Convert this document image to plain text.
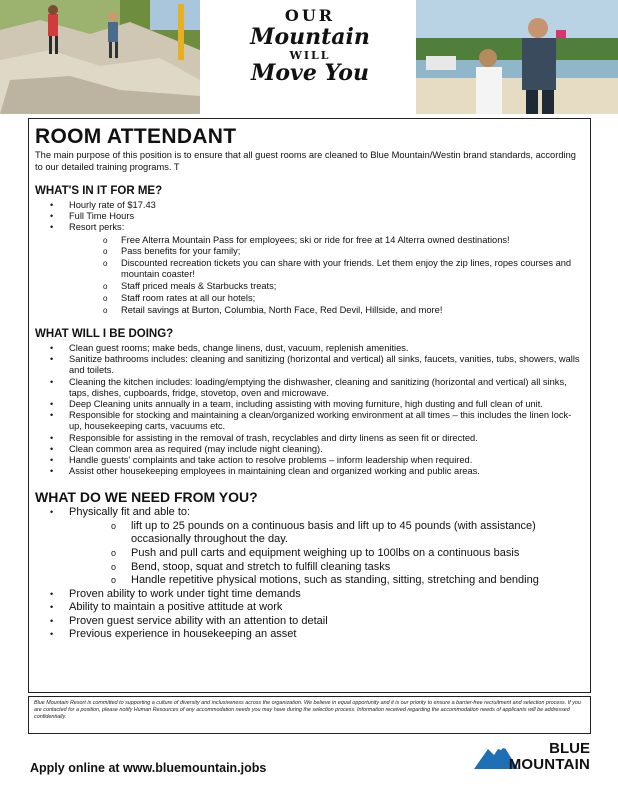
OUR
Mountain
WILL
Move You
ROOM ATTENDANT

The main purpose of this position is to ensure that all guest rooms are cleaned to Blue Mountain/Westin brand standards, according to our detailed training programs. T

WHAT'S IN IT FOR ME?
• Hourly rate of $17.43
• Full Time Hours
• Resort perks:
o Free Alterra Mountain Pass for employees; ski or ride for free at 14 Alterra owned destinations!
o Pass benefits for your family;
o Discounted recreation tickets you can share with your friends. Let them enjoy the zip lines, ropes courses and mountain coaster!
o Staff priced meals & Starbucks treats;
o Staff room rates at all our hotels;
o Retail savings at Burton, Columbia, North Face, Red Devil, Hillside, and more!
WHAT WILL I BE DOING?
• Clean guest rooms; make beds, change linens, dust, vacuum, replenish amenities.
• Sanitize bathrooms includes: cleaning and sanitizing (horizontal and vertical) all sinks, faucets, vanities, tubs, showers, walls and toilets.
• Cleaning the kitchen includes: loading/emptying the dishwasher, cleaning and sanitizing (horizontal and vertical) all sinks, taps, dishes, cupboards, fridge, stovetop, oven and microwave.
• Deep Cleaning units annually in a team, including assisting with moving furniture, high dusting and full clean of unit.
• Responsible for stocking and maintaining a clean/organized working environment at all times – this includes the linen lock-up, housekeeping carts, vacuums etc.
• Responsible for assisting in the removal of trash, recyclables and dirty linens as seen fit or directed.
• Clean common area as required (may include night cleaning).
• Handle guests' complaints and take action to resolve problems – inform leadership when required.
• Assist other housekeeping employees in maintaining clean and organized working and public areas.
WHAT DO WE NEED FROM YOU?
• Physically fit and able to:
o lift up to 25 pounds on a continuous basis and lift up to 45 pounds (with assistance) occasionally throughout the day.
o Push and pull carts and equipment weighing up to 100lbs on a continuous basis
o Bend, stoop, squat and stretch to fulfill cleaning tasks
o Handle repetitive physical motions, such as standing, sitting, stretching and bending
• Proven ability to work under tight time demands
• Ability to maintain a positive attitude at work
• Proven guest service ability with an attention to detail
• Previous experience in housekeeping an asset

Blue Mountain Resort is committed to supporting a culture of diversity and inclusiveness across the organization. We believe in equal opportunity and it is our priority to ensure a barrier-free recruitment and selection process. If you are contacted for a position, please notify Human Resources of any accommodation needs you may have during the selection process. Information received regarding the accommodation needs of applicants will be addressed confidentially.

Apply online at www.bluemountain.jobs
BLUE
MOUNTAIN
